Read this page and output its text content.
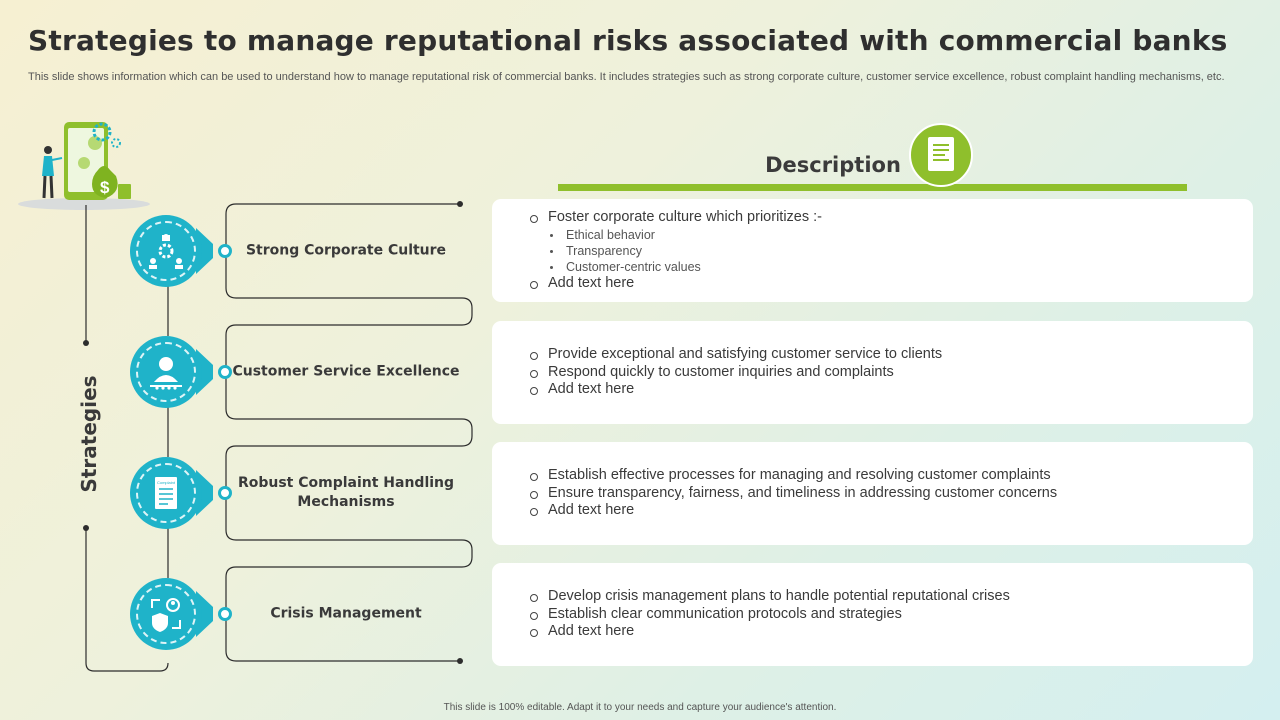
Strategies to manage reputational risks associated with commercial banks

This slide shows information which can be used to understand how to manage reputational risk of commercial banks. It includes strategies such as strong corporate culture, customer service excellence, robust complaint handling mechanisms, etc.

$
Description
Strategies
Strong Corporate Culture
Customer Service Excellence
Complaint	Robust Complaint Handling Mechanisms
Crisis Management
Foster corporate culture which prioritizes :-
Ethical behavior
Transparency
Customer-centric values
Add text here
Provide exceptional and satisfying customer service to clients
Respond quickly to customer inquiries and complaints
Add text here
Establish effective processes for managing and resolving customer complaints
Ensure transparency, fairness, and timeliness in addressing customer concerns
Add text here
Develop crisis management plans to handle potential reputational crises
Establish clear communication protocols and strategies
Add text here
This slide is 100% editable. Adapt it to your needs and capture your audience's attention.
